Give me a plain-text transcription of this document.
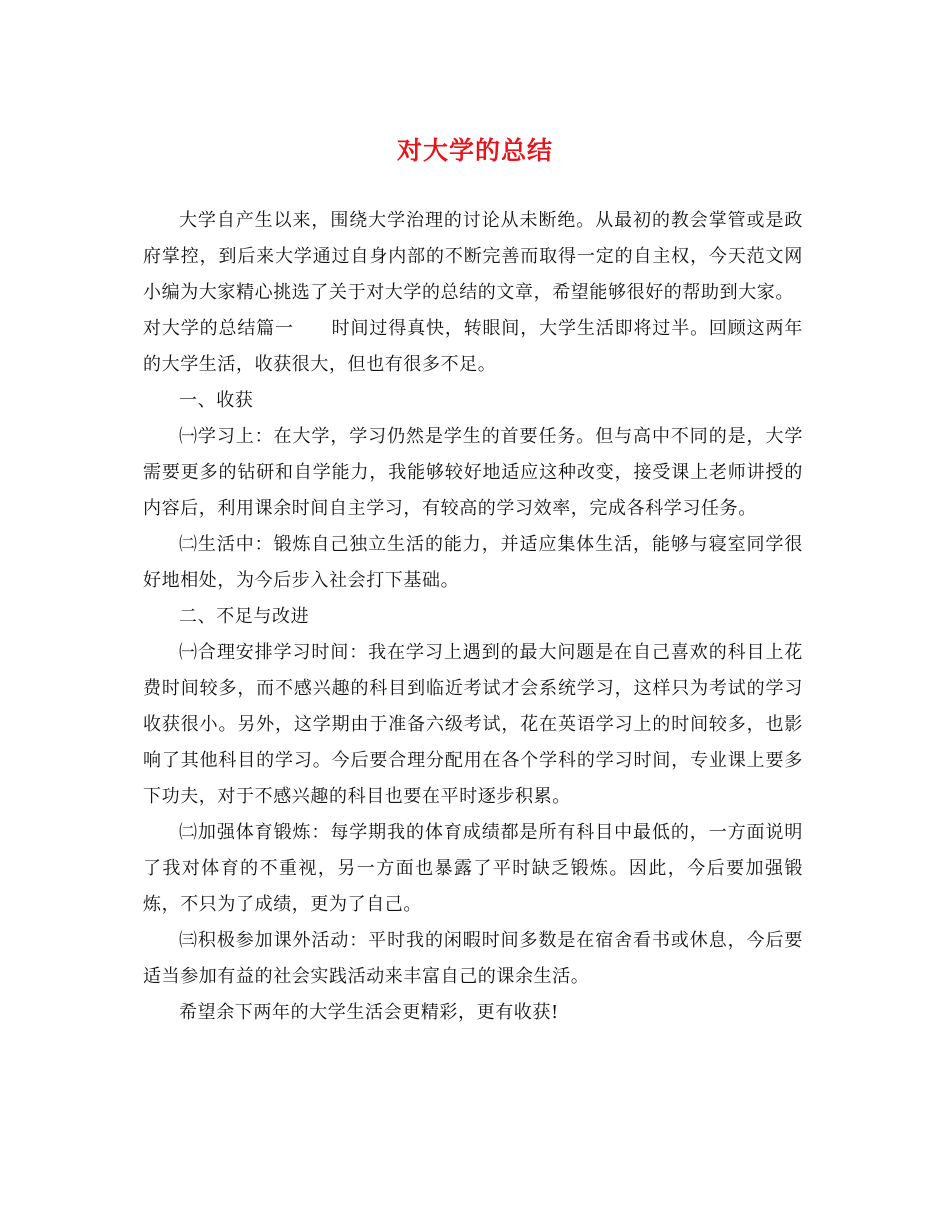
对大学的总结

大学自产生以来，围绕大学治理的讨论从未断绝。从最初的教会掌管或是政府掌控，到后来大学通过自身内部的不断完善而取得一定的自主权，今天范文网小编为大家精心挑选了关于对大学的总结的文章，希望能够很好的帮助到大家。

对大学的总结篇一　　时间过得真快，转眼间，大学生活即将过半。回顾这两年的大学生活，收获很大，但也有很多不足。

一、收获

㈠学习上：在大学，学习仍然是学生的首要任务。但与高中不同的是，大学需要更多的钻研和自学能力，我能够较好地适应这种改变，接受课上老师讲授的内容后，利用课余时间自主学习，有较高的学习效率，完成各科学习任务。

㈡生活中：锻炼自己独立生活的能力，并适应集体生活，能够与寝室同学很好地相处，为今后步入社会打下基础。

二、不足与改进

㈠合理安排学习时间：我在学习上遇到的最大问题是在自己喜欢的科目上花费时间较多，而不感兴趣的科目到临近考试才会系统学习，这样只为考试的学习收获很小。另外，这学期由于准备六级考试，花在英语学习上的时间较多，也影响了其他科目的学习。今后要合理分配用在各个学科的学习时间，专业课上要多下功夫，对于不感兴趣的科目也要在平时逐步积累。

㈡加强体育锻炼：每学期我的体育成绩都是所有科目中最低的，一方面说明了我对体育的不重视，另一方面也暴露了平时缺乏锻炼。因此，今后要加强锻炼，不只为了成绩，更为了自己。

㈢积极参加课外活动：平时我的闲暇时间多数是在宿舍看书或休息，今后要适当参加有益的社会实践活动来丰富自己的课余生活。

希望余下两年的大学生活会更精彩，更有收获!
